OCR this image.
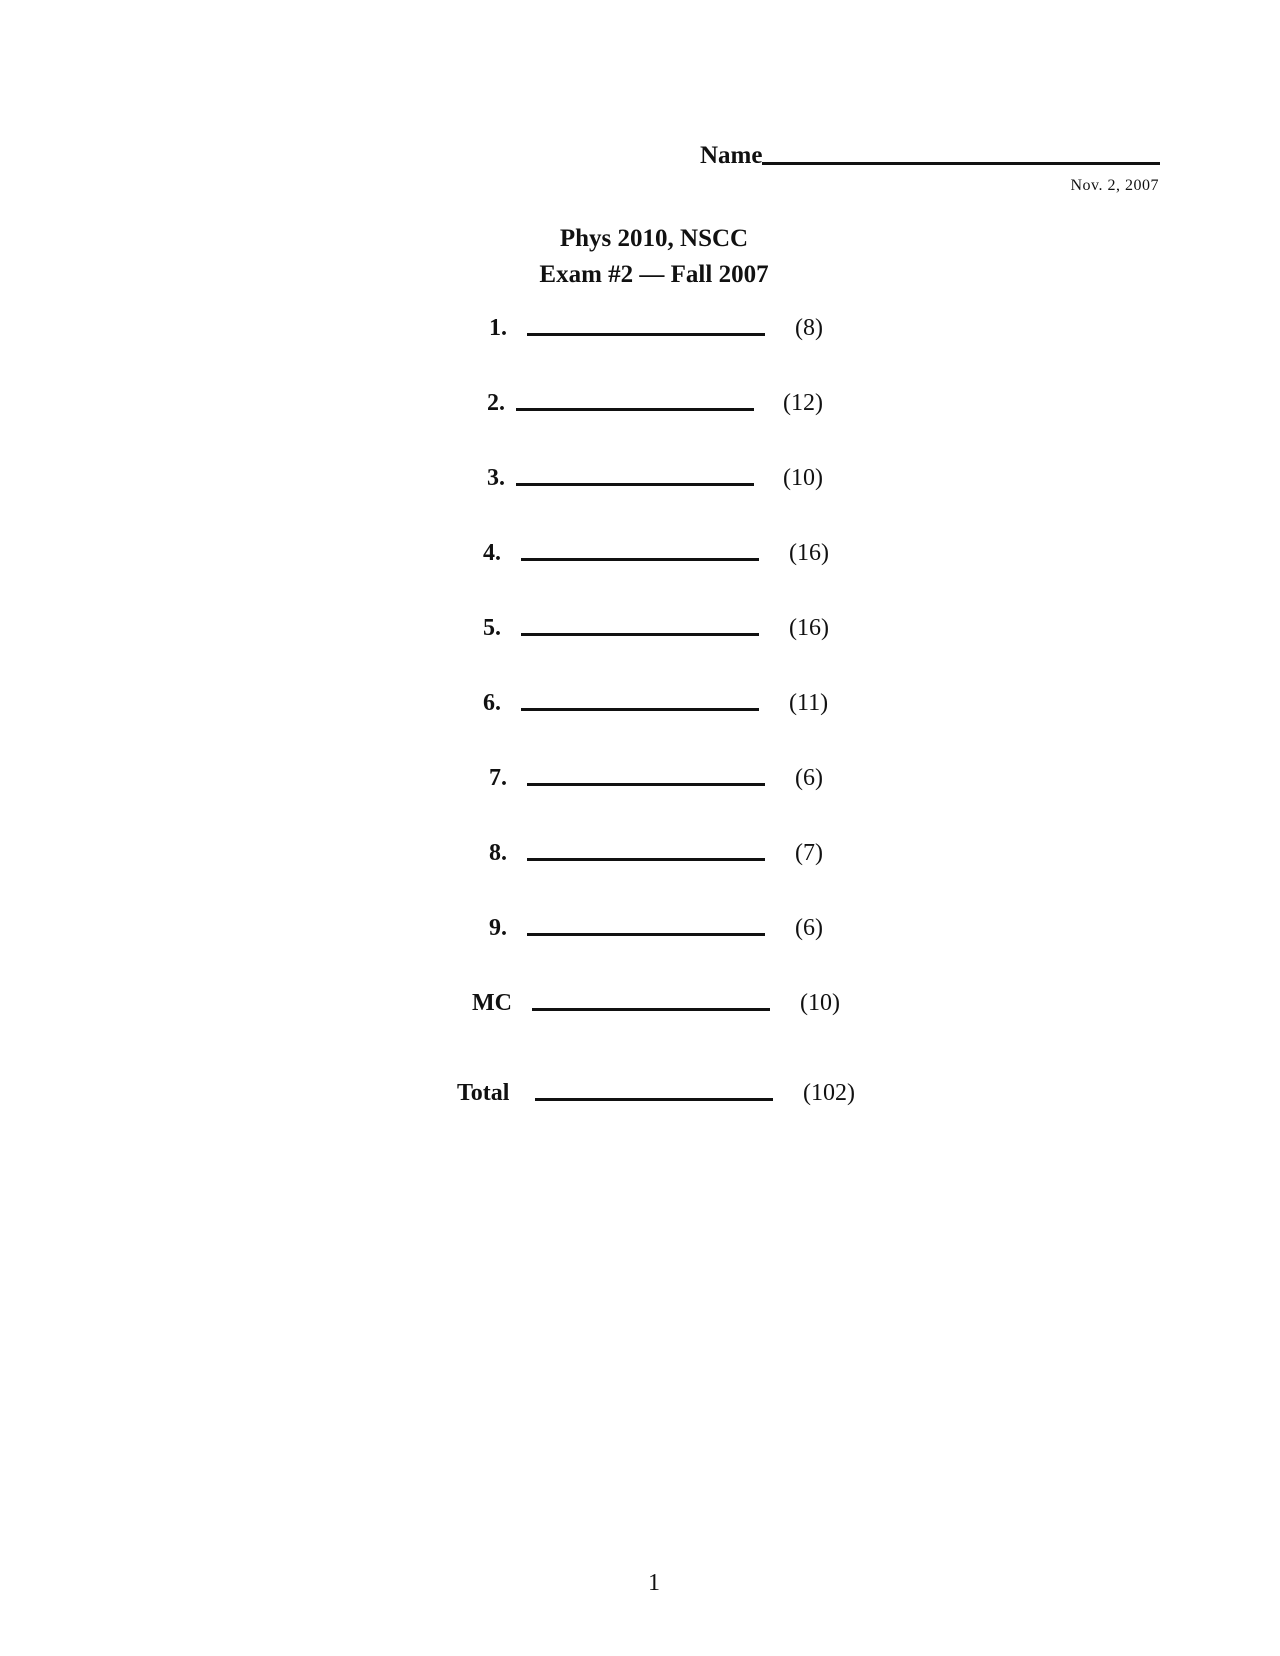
Name
Nov. 2, 2007
Phys 2010, NSCC
Exam #2 — Fall 2007
1.	(8)
2.	(12)
3.	(10)
4.	(16)
5.	(16)
6.	(11)
7.	(6)
8.	(7)
9.	(6)
MC	(10)
Total	(102)
1
